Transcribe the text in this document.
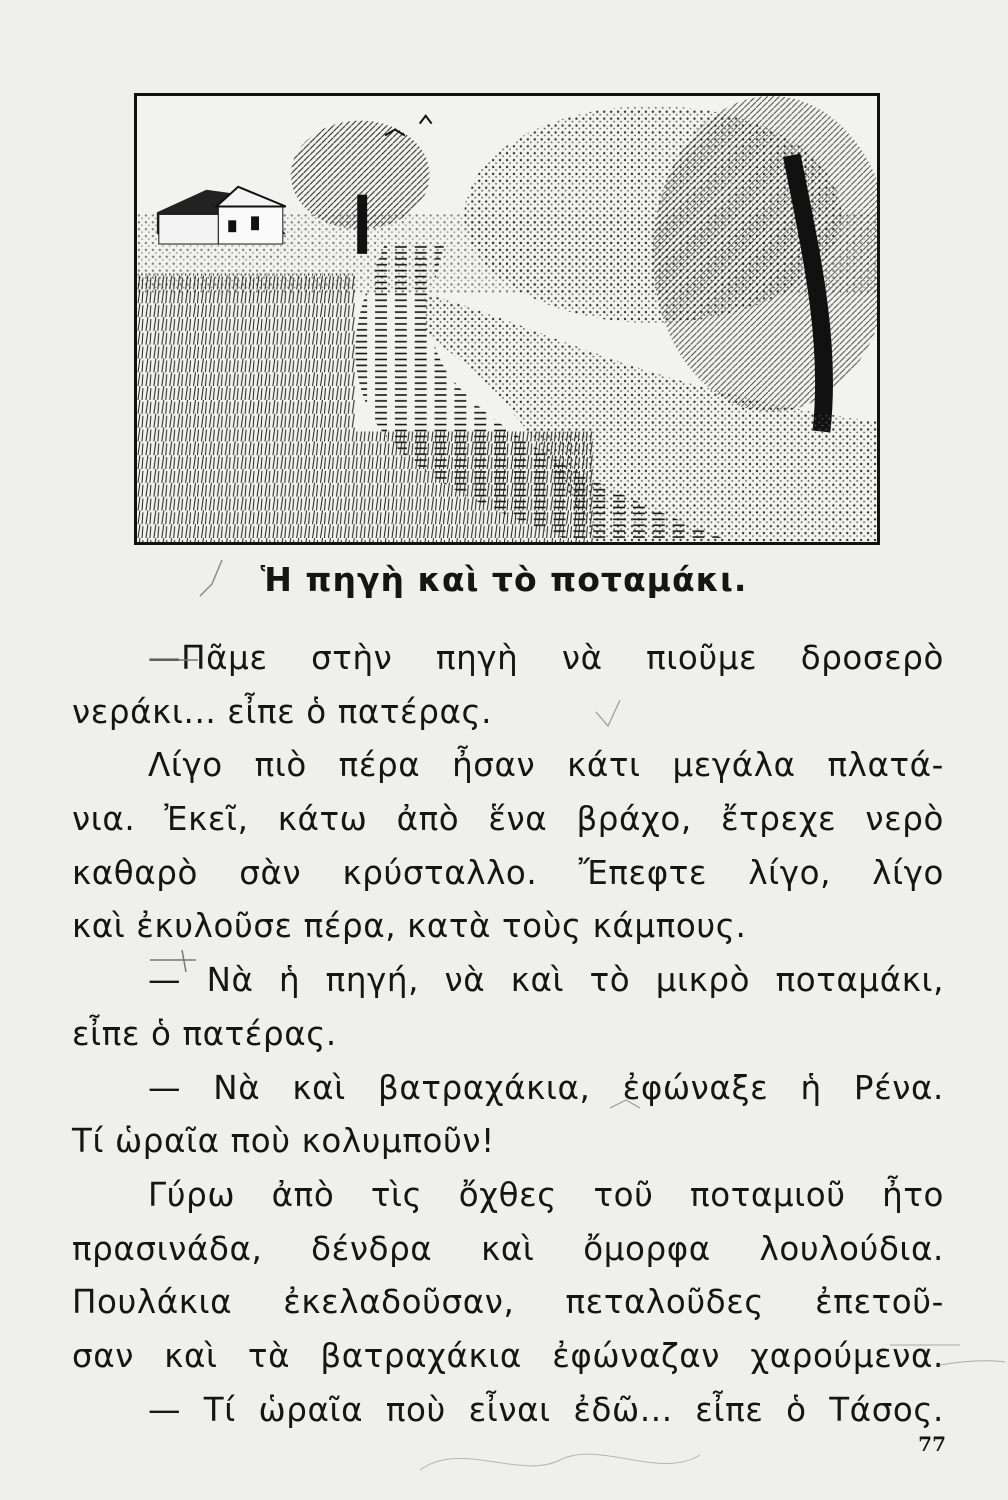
Ἡ πηγὴ καὶ τὸ ποταμάκι.
—Πᾶμε στὴν πηγὴ νὰ πιοῦμε δροσερὸ
νεράκι... εἶπε ὁ πατέρας.
Λίγο πιὸ πέρα ἦσαν κάτι μεγάλα πλατά-
νια. Ἐκεῖ, κάτω ἀπὸ ἕνα βράχο, ἔτρεχε νερὸ
καθαρὸ σὰν κρύσταλλο. Ἔπεφτε λίγο, λίγο
καὶ ἐκυλοῦσε πέρα, κατὰ τοὺς κάμπους.
— Νὰ ἡ πηγή, νὰ καὶ τὸ μικρὸ ποταμάκι,
εἶπε ὁ πατέρας.
— Νὰ καὶ βατραχάκια, ἐφώναξε ἡ Ρένα.
Τί ὡραῖα ποὺ κολυμποῦν!
Γύρω ἀπὸ τὶς ὄχθες τοῦ ποταμιοῦ ἦτο
πρασινάδα, δένδρα καὶ ὄμορφα λουλούδια.
Πουλάκια ἐκελαδοῦσαν, πεταλοῦδες ἐπετοῦ-
σαν καὶ τὰ βατραχάκια ἐφώναζαν χαρούμενα.
— Τί ὡραῖα ποὺ εἶναι ἐδῶ... εἶπε ὁ Τάσος.
77
